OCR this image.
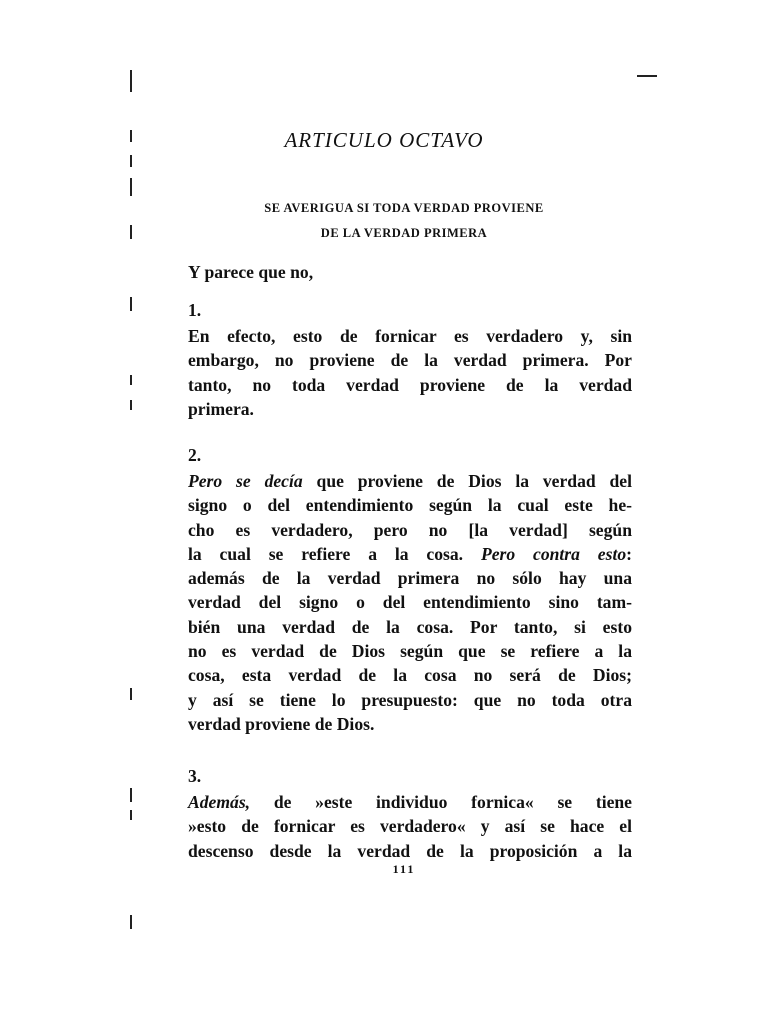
ARTICULO OCTAVO
SE AVERIGUA SI TODA VERDAD PROVIENE
DE LA VERDAD PRIMERA
Y parece que no,
1.
En efecto, esto de fornicar es verdadero y, sin
embargo, no proviene de la verdad primera. Por
tanto, no toda verdad proviene de la verdad
primera.
2.
Pero se decía que proviene de Dios la verdad del
signo o del entendimiento según la cual este he-
cho es verdadero, pero no [la verdad] según
la cual se refiere a la cosa. Pero contra esto:
además de la verdad primera no sólo hay una
verdad del signo o del entendimiento sino tam-
bién una verdad de la cosa. Por tanto, si esto
no es verdad de Dios según que se refiere a la
cosa, esta verdad de la cosa no será de Dios;
y así se tiene lo presupuesto: que no toda otra
verdad proviene de Dios.
3.
Además, de »este individuo fornica« se tiene
»esto de fornicar es verdadero« y así se hace el
descenso desde la verdad de la proposición a la
111
